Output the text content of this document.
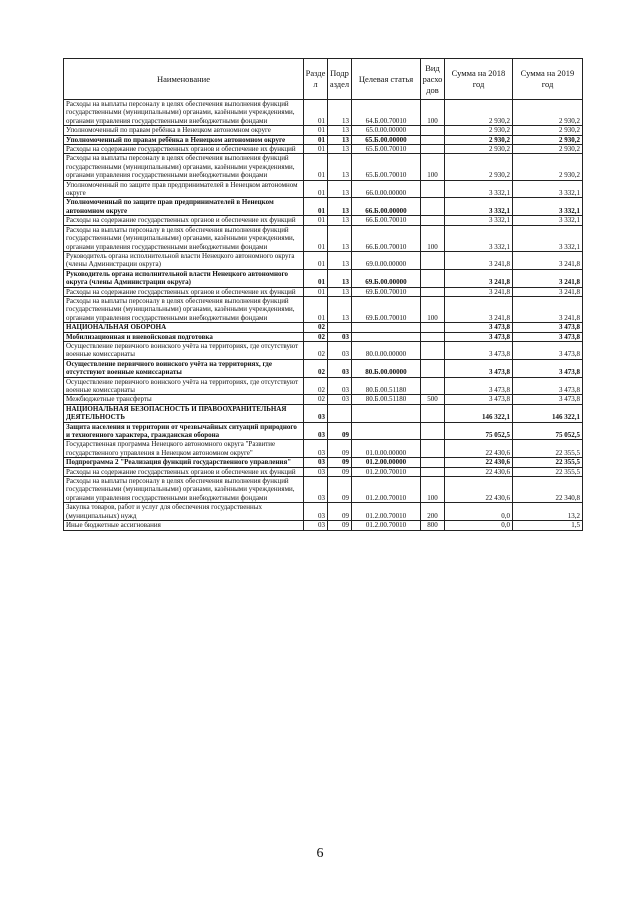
Наименование	Разде л	Подр аздел	Целевая статья	Вид расхо дов	Сумма на 2018 год	Сумма на 2019 год
Расходы на выплаты персоналу в целях обеспечения выполнения функций государственными (муниципальными) органами, казёнными учреждениями, органами управления государственными внебюджетными фондами	01	13	64.Б.00.70010	100	2 930,2	2 930,2
Уполномоченный по правам ребёнка в Ненецком автономном округе	01	13	65.0.00.00000		2 930,2	2 930,2
Уполномоченный по правам ребёнка в Ненецком автономном округе	01	13	65.Б.00.00000		2 930,2	2 930,2
Расходы на содержание государственных органов и обеспечение их функций	01	13	65.Б.00.70010		2 930,2	2 930,2
Расходы на выплаты персоналу в целях обеспечения выполнения функций государственными (муниципальными) органами, казёнными учреждениями, органами управления государственными внебюджетными фондами	01	13	65.Б.00.70010	100	2 930,2	2 930,2
Уполномоченный по защите прав предпринимателей в Ненецком автономном округе	01	13	66.0.00.00000		3 332,1	3 332,1
Уполномоченный по защите прав предпринимателей в Ненецком автономном округе	01	13	66.Б.00.00000		3 332,1	3 332,1
Расходы на содержание государственных органов и обеспечение их функций	01	13	66.Б.00.70010		3 332,1	3 332,1
Расходы на выплаты персоналу в целях обеспечения выполнения функций государственными (муниципальными) органами, казёнными учреждениями, органами управления государственными внебюджетными фондами	01	13	66.Б.00.70010	100	3 332,1	3 332,1
Руководитель органа исполнительной власти Ненецкого автономного округа (члены Администрации округа)	01	13	69.0.00.00000		3 241,8	3 241,8
Руководитель органа исполнительной власти Ненецкого автономного округа (члены Администрации округа)	01	13	69.Б.00.00000		3 241,8	3 241,8
Расходы на содержание государственных органов и обеспечение их функций	01	13	69.Б.00.70010		3 241,8	3 241,8
Расходы на выплаты персоналу в целях обеспечения выполнения функций государственными (муниципальными) органами, казёнными учреждениями, органами управления государственными внебюджетными фондами	01	13	69.Б.00.70010	100	3 241,8	3 241,8
НАЦИОНАЛЬНАЯ ОБОРОНА	02				3 473,8	3 473,8
Мобилизационная и вневойсковая подготовка	02	03			3 473,8	3 473,8
Осуществление первичного воинского учёта на территориях, где отсутствуют военные комиссариаты	02	03	80.0.00.00000		3 473,8	3 473,8
Осуществление первичного воинского учёта на территориях, где отсутствуют военные комиссариаты	02	03	80.Б.00.00000		3 473,8	3 473,8
Осуществление первичного воинского учёта на территориях, где отсутствуют военные комиссариаты	02	03	80.Б.00.51180		3 473,8	3 473,8
Межбюджетные трансферты	02	03	80.Б.00.51180	500	3 473,8	3 473,8
НАЦИОНАЛЬНАЯ БЕЗОПАСНОСТЬ И ПРАВООХРАНИТЕЛЬНАЯ ДЕЯТЕЛЬНОСТЬ	03				146 322,1	146 322,1
Защита населения и территории от чрезвычайных ситуаций природного и техногенного характера, гражданская оборона	03	09			75 052,5	75 052,5
Государственная программа Ненецкого автономного округа "Развитие государственного управления в Ненецком автономном округе"	03	09	01.0.00.00000		22 430,6	22 355,5
Подпрограмма 2 "Реализация функций государственного управления"	03	09	01.2.00.00000		22 430,6	22 355,5
Расходы на содержание государственных органов и обеспечение их функций	03	09	01.2.00.70010		22 430,6	22 355,5
Расходы на выплаты персоналу в целях обеспечения выполнения функций государственными (муниципальными) органами, казёнными учреждениями, органами управления государственными внебюджетными фондами	03	09	01.2.00.70010	100	22 430,6	22 340,8
Закупка товаров, работ и услуг для обеспечения государственных (муниципальных) нужд	03	09	01.2.00.70010	200	0,0	13,2
Иные бюджетные ассигнования	03	09	01.2.00.70010	800	0,0	1,5
6
